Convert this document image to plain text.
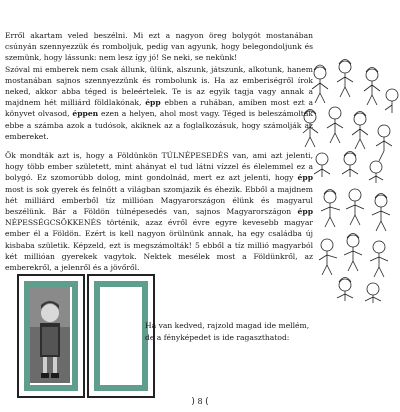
Erről akartam veled beszélni. Mi ezt a nagyon öreg bolygót mostanában csúnyán szennyezzük és romboljuk, pedig van agyunk, hogy belegondoljunk és szemünk, hogy lássunk: nem lesz így jó! Se neki, se nekünk!
Szóval mi emberek nem csak állunk, ülünk, alszunk, játszunk, alkotunk, hanem mostanában sajnos szennyezzünk és rombolunk is. Ha az emberiségről írok neked, akkor abba téged is beleértelek. Te is az egyik tagja vagy annak a majdnem hét milliárd földlakónak, épp ebben a ruhában, amiben most ezt a könyvet olvasod, éppen ezen a helyen, ahol most vagy. Téged is beleszámoltak ebbe a számba azok a tudósok, akiknek az a foglalkozásuk, hogy számolják az embereket.

Ők mondták azt is, hogy a Földünkön TÚLNÉPESEDÉS van, ami azt jelenti, hogy több ember született, mint ahányat el tud látni vízzel és élelemmel ez a bolygó. Ez szomorúbb dolog, mint gondolnád, mert ez azt jelenti, hogy épp most is sok gyerek és felnőtt a világban szomjazik és éhezik. Ebből a majdnem hét milliárd emberből tíz millióan Magyarországon élünk és magyarul beszélünk. Bár a Földön túlnépesedés van, sajnos Magyarországon épp NÉPESSÉGCSÖKKENÉS történik, azaz évről évre egyre kevesebb magyar ember él a Földön. Ezért is kell nagyon örülnünk annak, ha egy családba új kisbaba születik. Képzeld, ezt is megszámolták! 5 ebből a tíz millió magyarból két millióan gyerekek vagytok. Nektek mesélek most a Földünkről, az emberekről, a jelenről és a jövőről.

Ha van kedved, rajzold magad ide mellém, de a fényképedet is ide ragaszthatod:

) 8 (
